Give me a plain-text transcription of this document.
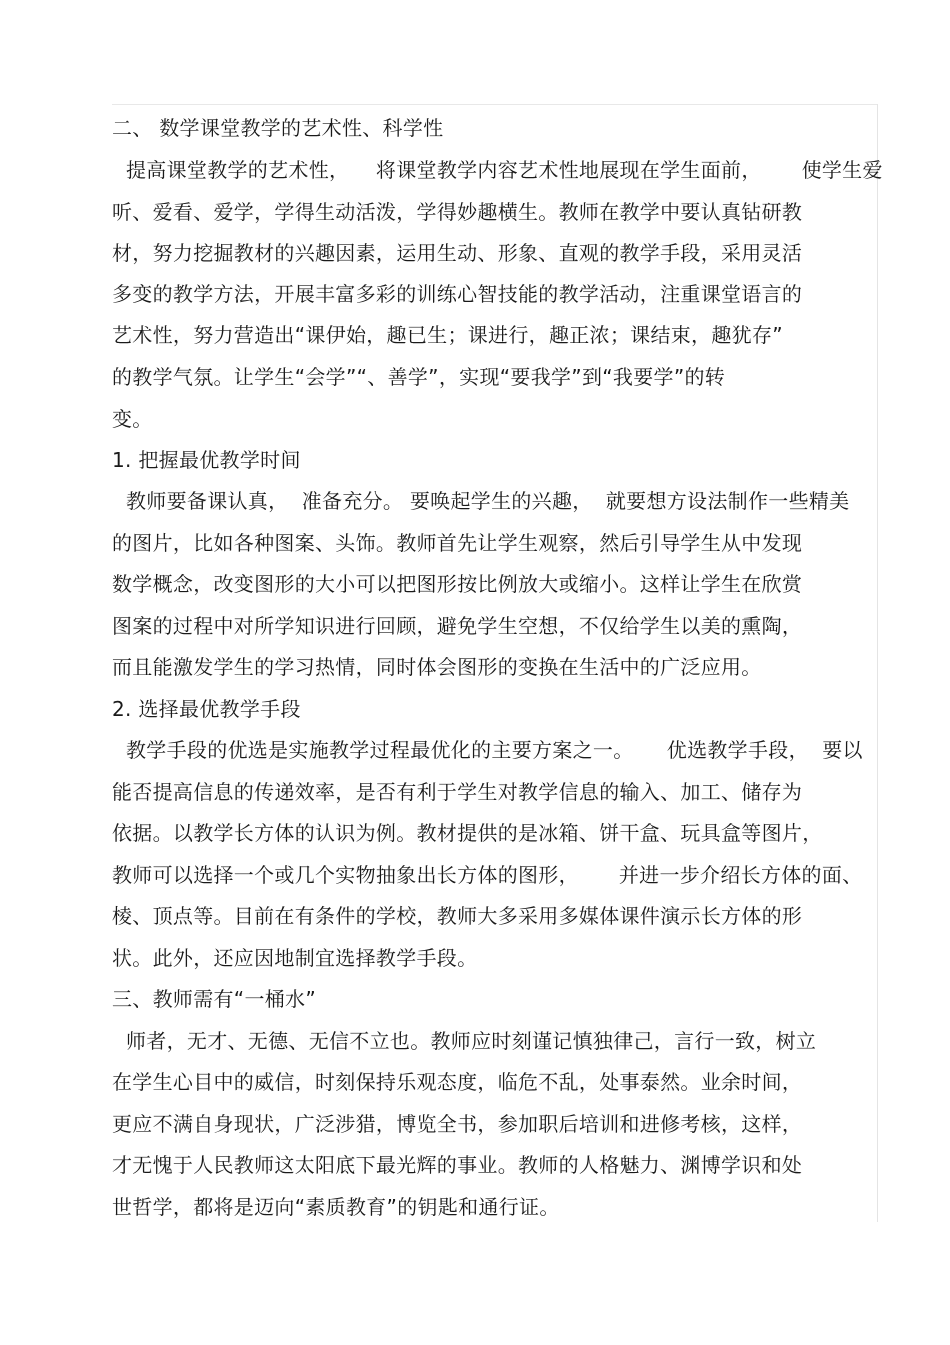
二、 数学课堂教学的艺术性、科学性
提高课堂教学的艺术性，    将课堂教学内容艺术性地展现在学生面前，      使学生爱
听、爱看、爱学，学得生动活泼，学得妙趣横生。教师在教学中要认真钻研教
材，努力挖掘教材的兴趣因素，运用生动、形象、直观的教学手段，采用灵活
多变的教学方法，开展丰富多彩的训练心智技能的教学活动，注重课堂语言的
艺术性，努力营造出“课伊始，趣已生；课进行，趣正浓；课结束，趣犹存”
的教学气氛。让学生“会学”“、善学”，实现“要我学”到“我要学”的转
变。
1. 把握最优教学时间
教师要备课认真，  准备充分。 要唤起学生的兴趣，  就要想方设法制作一些精美
的图片，比如各种图案、头饰。教师首先让学生观察，然后引导学生从中发现
数学概念，改变图形的大小可以把图形按比例放大或缩小。这样让学生在欣赏
图案的过程中对所学知识进行回顾，避免学生空想，不仅给学生以美的熏陶，
而且能激发学生的学习热情，同时体会图形的变换在生活中的广泛应用。
2. 选择最优教学手段
教学手段的优选是实施教学过程最优化的主要方案之一。     优选教学手段，  要以
能否提高信息的传递效率，是否有利于学生对教学信息的输入、加工、储存为
依据。以教学长方体的认识为例。教材提供的是冰箱、饼干盒、玩具盒等图片，
教师可以选择一个或几个实物抽象出长方体的图形，      并进一步介绍长方体的面、
棱、顶点等。目前在有条件的学校，教师大多采用多媒体课件演示长方体的形
状。此外，还应因地制宜选择教学手段。
三、教师需有“一桶水”
师者，无才、无德、无信不立也。教师应时刻谨记慎独律己，言行一致，树立
在学生心目中的威信，时刻保持乐观态度，临危不乱，处事泰然。业余时间，
更应不满自身现状，广泛涉猎，博览全书，参加职后培训和进修考核，这样，
才无愧于人民教师这太阳底下最光辉的事业。教师的人格魅力、渊博学识和处
世哲学，都将是迈向“素质教育”的钥匙和通行证。
